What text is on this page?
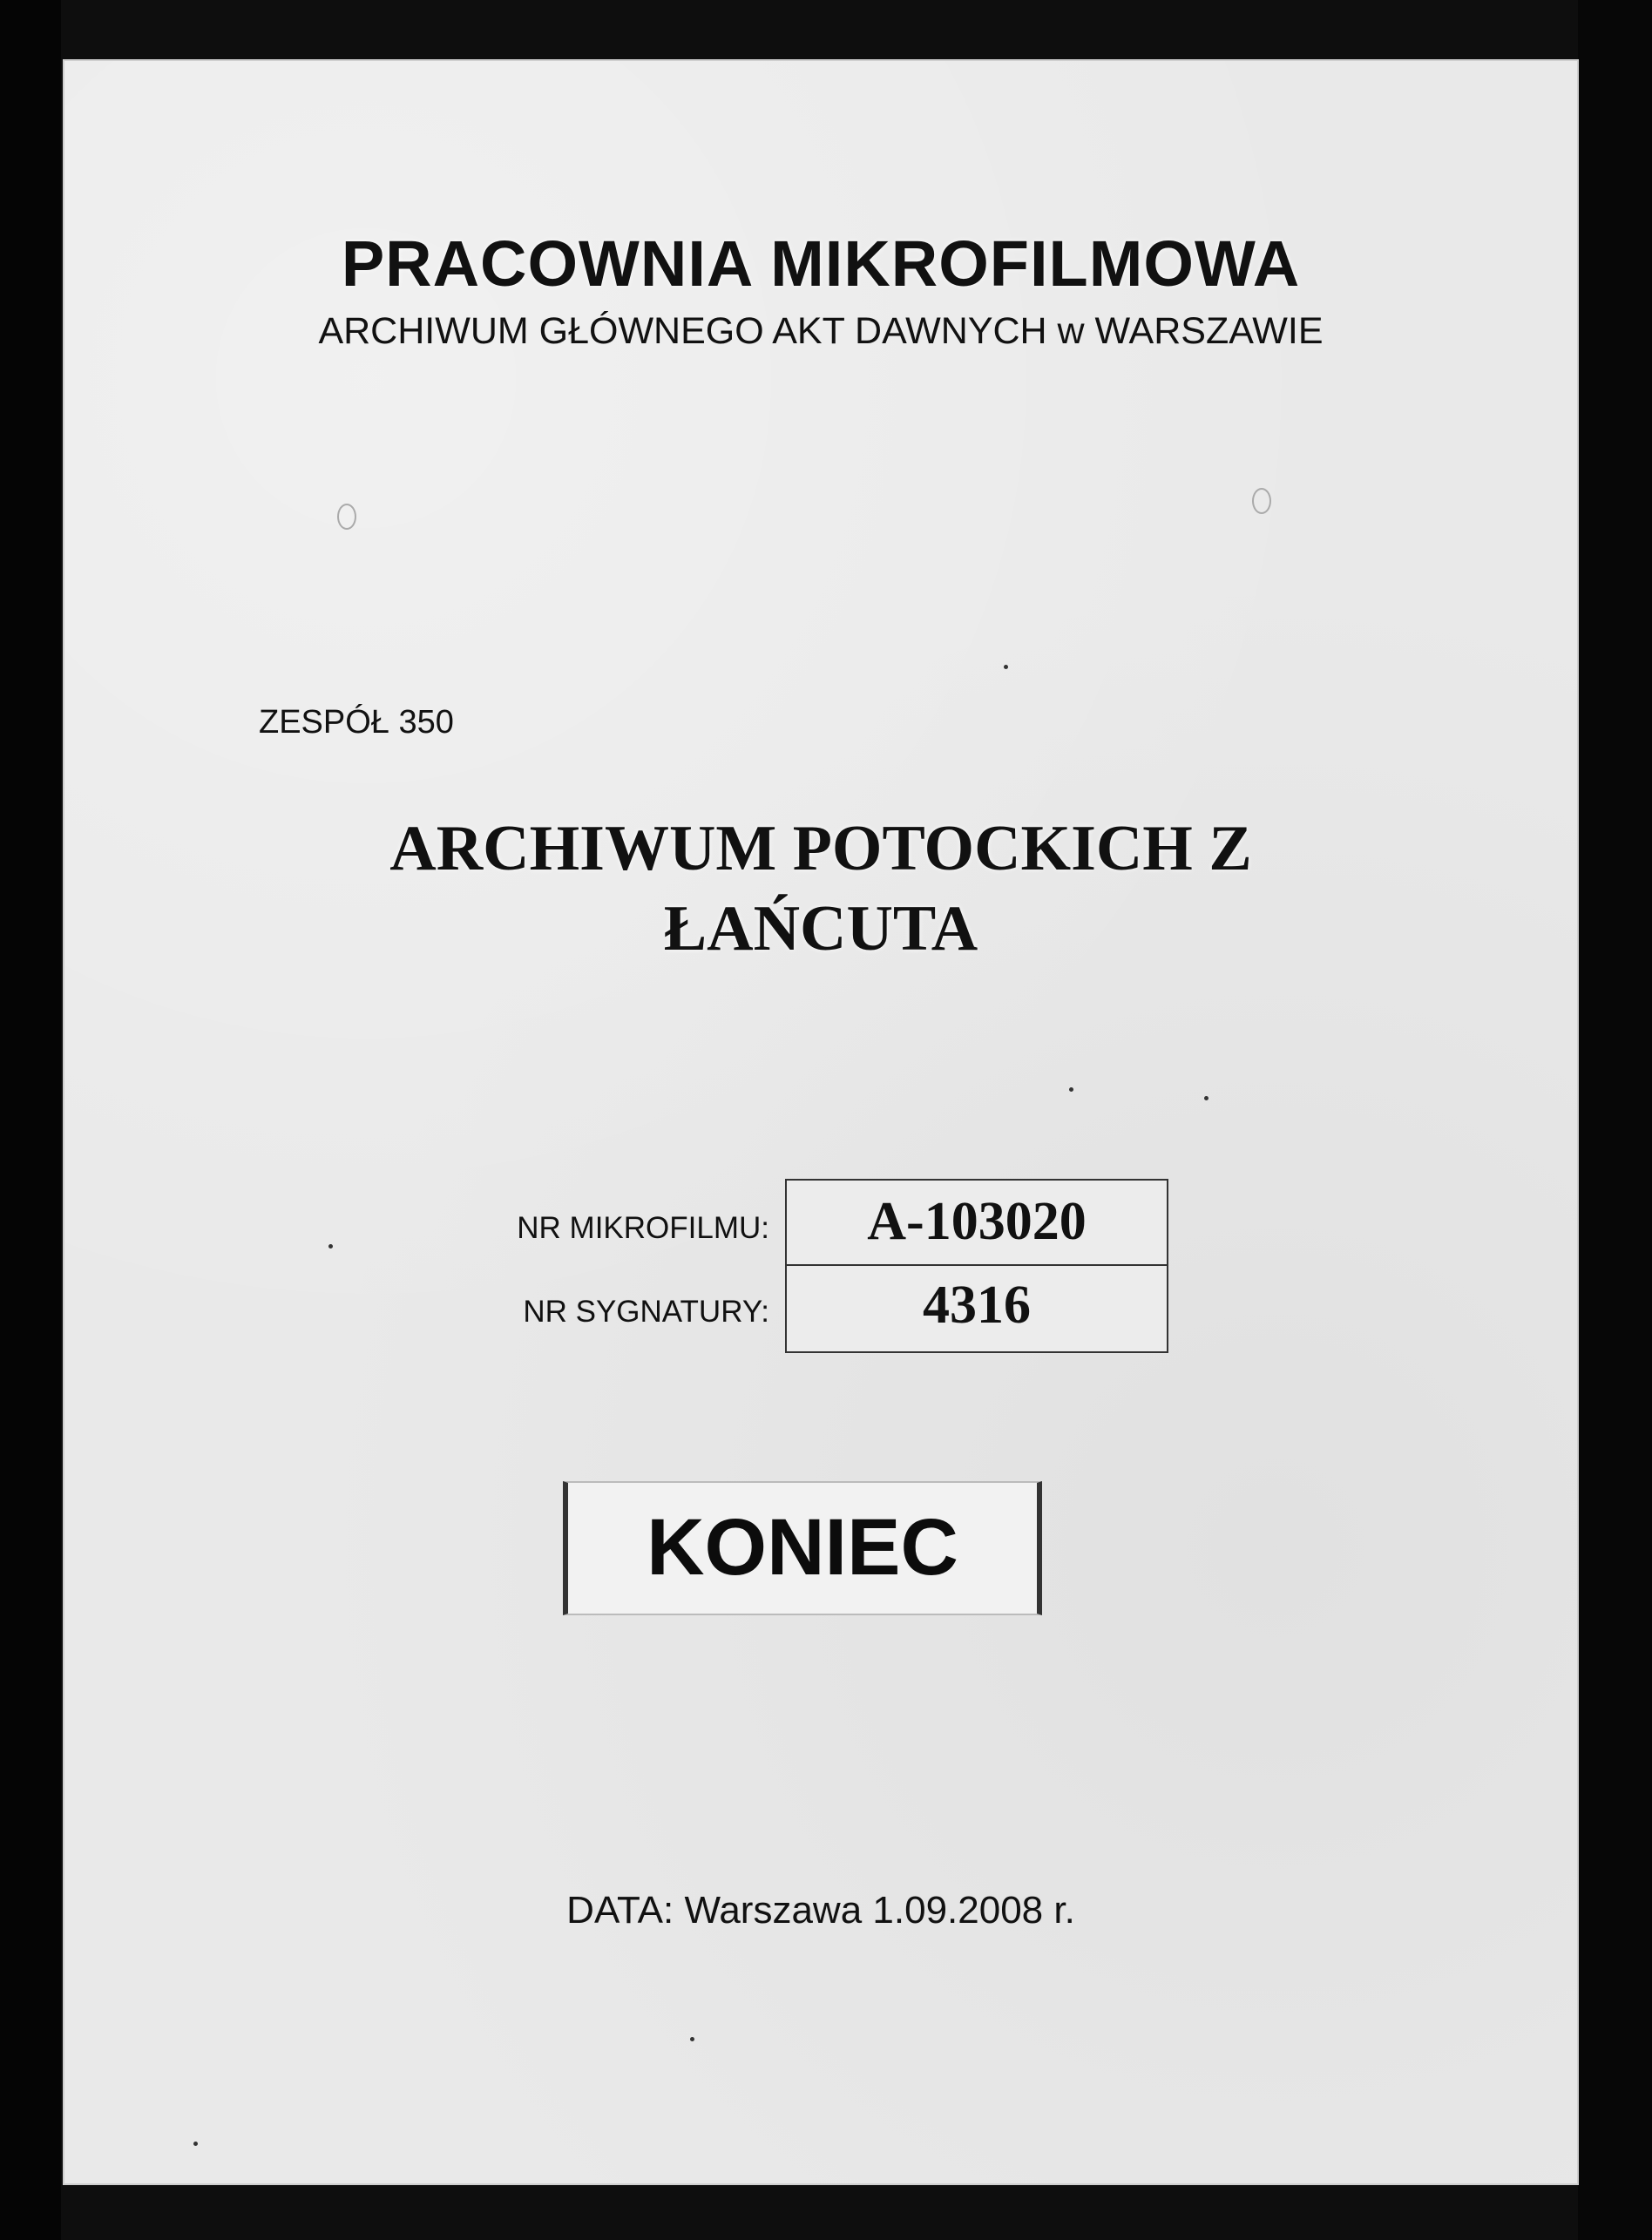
PRACOWNIA MIKROFILMOWA
ARCHIWUM GŁÓWNEGO AKT DAWNYCH w WARSZAWIE
ZESPÓŁ 350
ARCHIWUM POTOCKICH Z
ŁAŃCUTA
NR MIKROFILMU:
NR SYGNATURY:
A-103020
4316
KONIEC
DATA: Warszawa 1.09.2008 r.
